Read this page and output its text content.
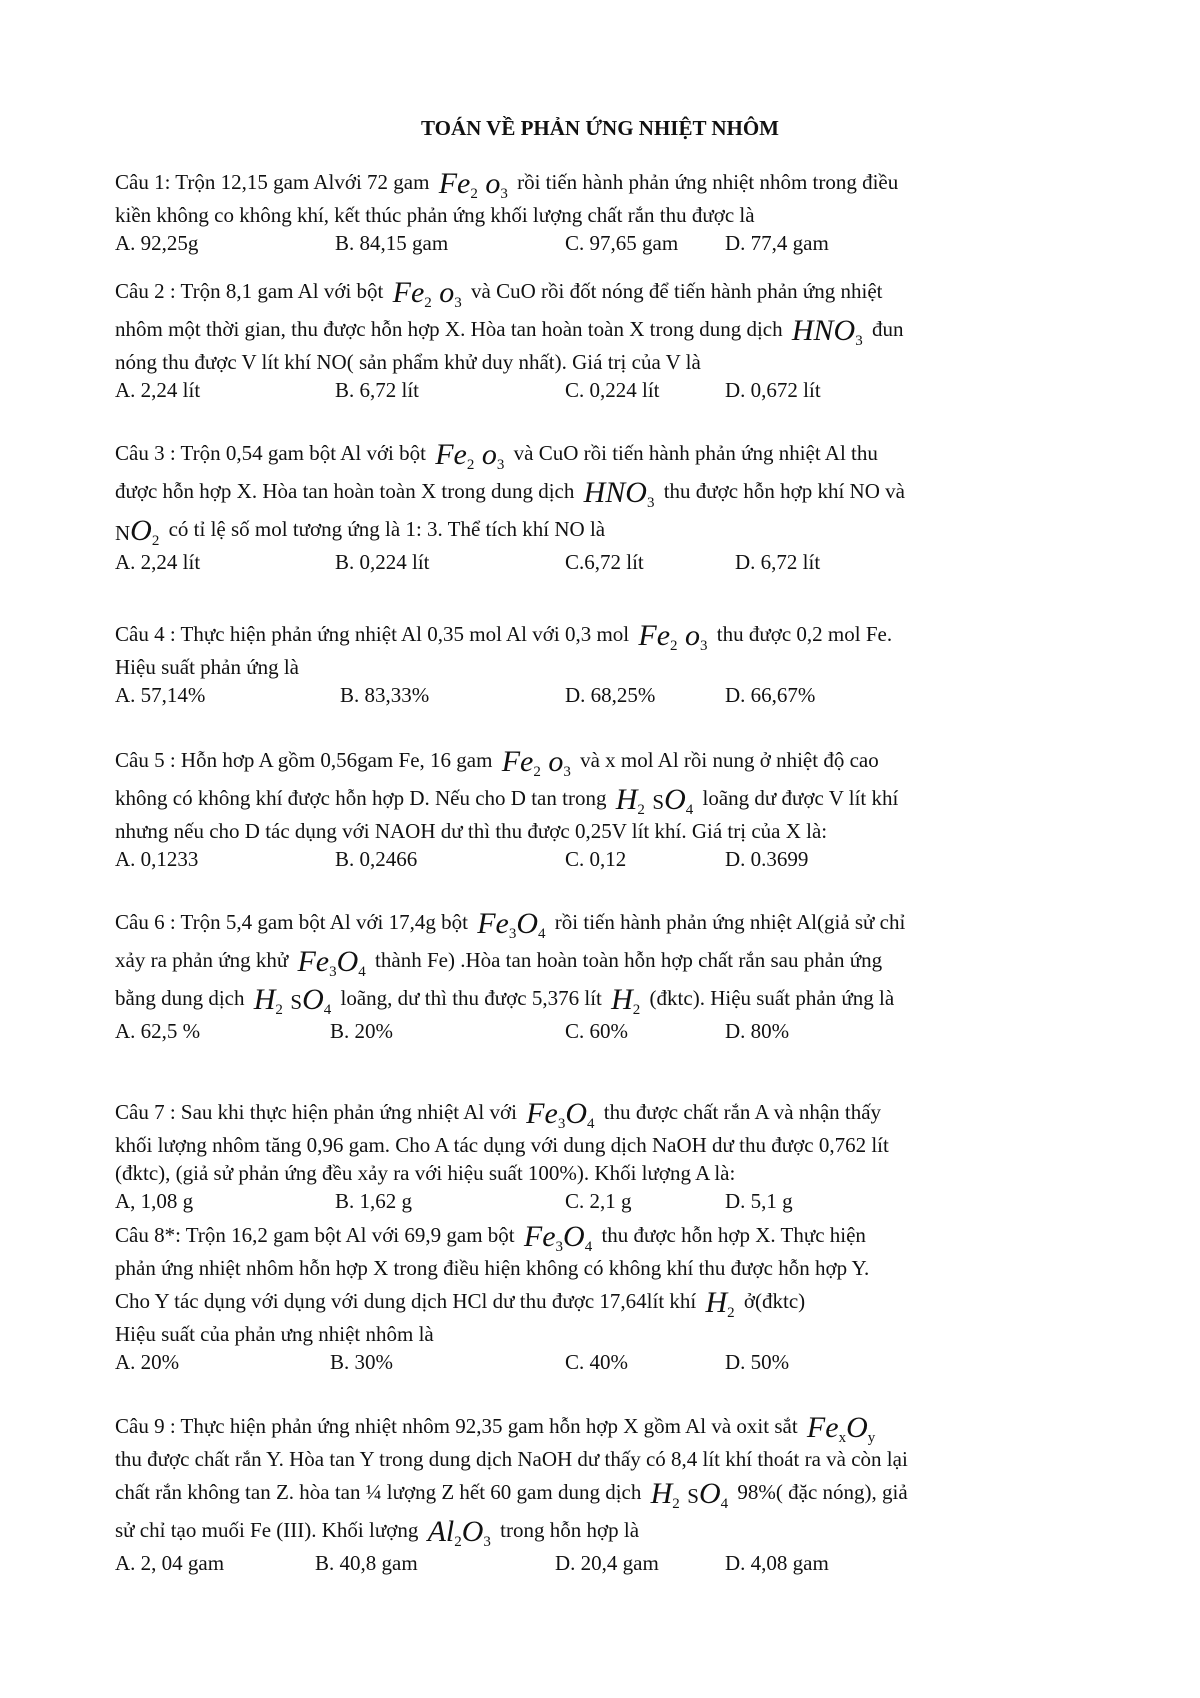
TOÁN VỀ PHẢN ỨNG NHIỆT NHÔM
Câu 1: Trộn 12,15 gam Alvới 72 gam $Fe_2$ $o_3$ rồi tiến hành phản ứng nhiệt nhôm trong điều
kiền không co không khí, kết thúc phản ứng khối lượng chất rắn thu được là
A. 92,25g	B. 84,15 gam	C. 97,65 gam D. 77,4 gam
Câu 2 : Trộn 8,1 gam Al với bột $Fe_2$ $o_3$ và CuO rồi đốt nóng để tiến hành phản ứng nhiệt
nhôm một thời gian, thu được hỗn hợp X. Hòa tan hoàn toàn X trong dung dịch $HNO_3$ đun
nóng thu được V lít khí NO( sản phẩm khử duy nhất). Giá trị của V là
A. 2,24 lít	B. 6,72 lít	C. 0,224 lít	D. 0,672 lít
Câu 3 : Trộn 0,54 gam bột Al với bột $Fe_2$ $o_3$ và CuO rồi tiến hành phản ứng nhiệt Al thu
được hỗn hợp X. Hòa tan hoàn toàn X trong dung dịch $HNO_3$ thu được hỗn hợp khí NO và
$NO_2$ có tỉ lệ số mol tương ứng là 1: 3. Thể tích khí NO là
A. 2,24 lít	B. 0,224 lít	C.6,72 lít	D. 6,72 lít
Câu 4 : Thực hiện phản ứng nhiệt Al 0,35 mol Al với 0,3 mol $Fe_2$ $o_3$ thu được 0,2 mol Fe.
Hiệu suất phản ứng là
A. 57,14%	B. 83,33%	D. 68,25%	D. 66,67%
Câu 5 : Hỗn hơp A gồm 0,56gam Fe, 16 gam $Fe_2$ $o_3$ và x mol Al rồi nung ở nhiệt độ cao
không có không khí được hỗn hợp D. Nếu cho D tan trong $H_2$ $SO_4$ loãng dư được V lít khí
nhưng nếu cho D tác dụng với NAOH dư thì thu được 0,25V lít khí. Giá trị của X là:
A. 0,1233	B. 0,2466	C. 0,12	D. 0.3699
Câu 6 : Trộn 5,4 gam bột Al với 17,4g bột $Fe_3O_4$ rồi tiến hành phản ứng nhiệt Al(giả sử chỉ
xảy ra phản ứng khử $Fe_3O_4$ thành Fe) .Hòa tan hoàn toàn hỗn hợp chất rắn sau phản ứng
bằng dung dịch $H_2$ $SO_4$ loãng, dư thì thu được 5,376 lít $H_2$ (đktc). Hiệu suất phản ứng là
A. 62,5 %	B. 20%	C. 60%	D. 80%
Câu 7 : Sau khi thực hiện phản ứng nhiệt Al với $Fe_3O_4$ thu được chất rắn A và nhận thấy
khối lượng nhôm tăng 0,96 gam. Cho A tác dụng với dung dịch NaOH dư thu được 0,762 lít
(đktc), (giả sử phản ứng đều xảy ra với hiệu suất 100%). Khối lượng A là:
A, 1,08 g	B. 1,62 g	C. 2,1 g	D. 5,1 g
Câu 8*: Trộn 16,2 gam bột Al với 69,9 gam bột $Fe_3O_4$ thu được hỗn hợp X. Thực hiện
phản ứng nhiệt nhôm hỗn hợp X trong điều hiện không có không khí thu được hỗn hợp Y.
Cho Y tác dụng với dụng với dung dịch HCl dư thu được 17,64lít khí $H_2$ ở(đktc)
Hiệu suất của phản ưng nhiệt nhôm là
A. 20%	B. 30%	C. 40%	D. 50%
Câu 9 : Thực hiện phản ứng nhiệt nhôm 92,35 gam hỗn hợp X gồm Al và oxit sắt $Fe_xO_y$
thu được chất rắn Y. Hòa tan Y trong dung dịch NaOH dư thấy có 8,4 lít khí thoát ra và còn lại
chất rắn không tan Z. hòa tan ¼ lượng Z hết 60 gam dung dịch $H_2$ $SO_4$ 98%( đặc nóng), giả
sử chỉ tạo muối Fe (III). Khối lượng $Al_2O_3$ trong hỗn hợp là
A. 2, 04 gam	B. 40,8 gam	D. 20,4 gam	D. 4,08 gam
